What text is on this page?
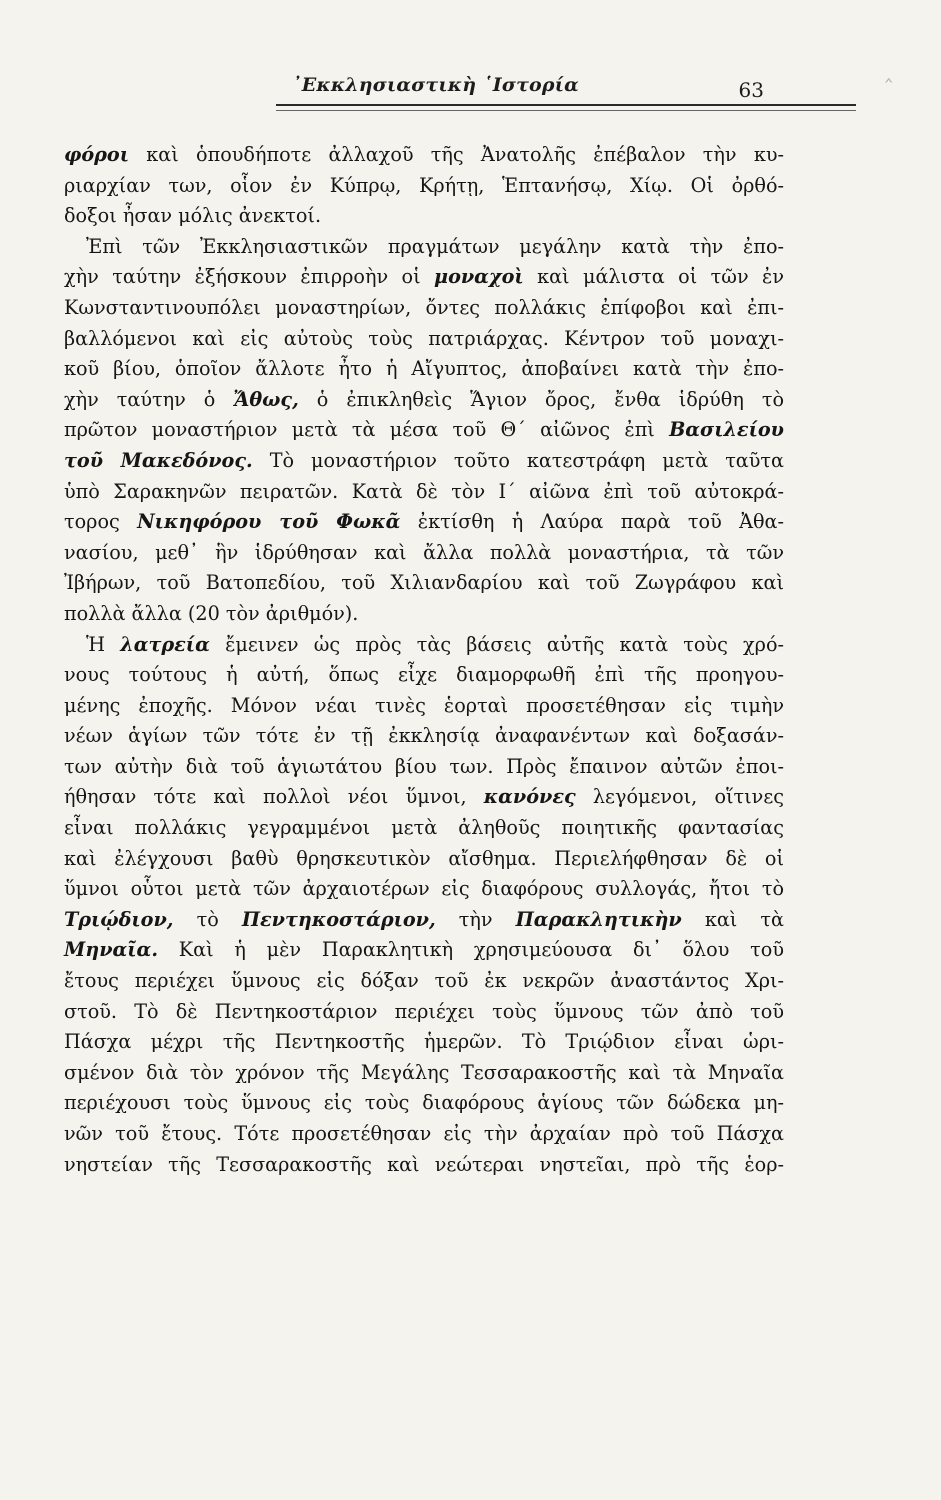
᾽Εκκλησιαστικὴ ῾Ιστορία	63
φόροι καὶ ὁπουδήποτε ἀλλαχοῦ τῆς Ἀνατολῆς ἐπέβαλον τὴν κυ-
ριαρχίαν των, οἷον ἐν Κύπρῳ, Κρήτῃ, Ἑπτανήσῳ, Χίῳ. Οἱ ὀρθό-
δοξοι ἦσαν μόλις ἀνεκτοί.
Ἐπὶ τῶν Ἐκκλησιαστικῶν πραγμάτων μεγάλην κατὰ τὴν ἐπο-
χὴν ταύτην ἐξήσκουν ἐπιρροὴν οἱ μοναχοὶ καὶ μάλιστα οἱ τῶν ἐν
Κωνσταντινουπόλει μοναστηρίων, ὄντες πολλάκις ἐπίφοβοι καὶ ἐπι-
βαλλόμενοι καὶ εἰς αὐτοὺς τοὺς πατριάρχας. Κέντρον τοῦ μοναχι-
κοῦ βίου, ὁποῖον ἄλλοτε ἦτο ἡ Αἴγυπτος, ἀποβαίνει κατὰ τὴν ἐπο-
χὴν ταύτην ὁ Ἄθως, ὁ ἐπικληθεὶς Ἅγιον ὄρος, ἔνθα ἱδρύθη τὸ
πρῶτον μοναστήριον μετὰ τὰ μέσα τοῦ Θ΄ αἰῶνος ἐπὶ Βασιλείου
τοῦ Μακεδόνος. Τὸ μοναστήριον τοῦτο κατεστράφη μετὰ ταῦτα
ὑπὸ Σαρακηνῶν πειρατῶν. Κατὰ δὲ τὸν Ι΄ αἰῶνα ἐπὶ τοῦ αὐτοκρά-
τορος Νικηφόρου τοῦ Φωκᾶ ἐκτίσθη ἡ Λαύρα παρὰ τοῦ Ἀθα-
νασίου, μεθ᾽ ἣν ἱδρύθησαν καὶ ἄλλα πολλὰ μοναστήρια, τὰ τῶν
Ἰβήρων, τοῦ Βατοπεδίου, τοῦ Χιλιανδαρίου καὶ τοῦ Ζωγράφου καὶ
πολλὰ ἄλλα (20 τὸν ἀριθμόν).
Ἡ λατρεία ἔμεινεν ὡς πρὸς τὰς βάσεις αὐτῆς κατὰ τοὺς χρό-
νους τούτους ἡ αὐτή, ὅπως εἶχε διαμορφωθῆ ἐπὶ τῆς προηγου-
μένης ἐποχῆς. Μόνον νέαι τινὲς ἑορταὶ προσετέθησαν εἰς τιμὴν
νέων ἁγίων τῶν τότε ἐν τῇ ἐκκλησίᾳ ἀναφανέντων καὶ δοξασάν-
των αὐτὴν διὰ τοῦ ἁγιωτάτου βίου των. Πρὸς ἔπαινον αὐτῶν ἐποι-
ήθησαν τότε καὶ πολλοὶ νέοι ὕμνοι, κανόνες λεγόμενοι, οἵτινες
εἶναι πολλάκις γεγραμμένοι μετὰ ἀληθοῦς ποιητικῆς φαντασίας
καὶ ἐλέγχουσι βαθὺ θρησκευτικὸν αἴσθημα. Περιελήφθησαν δὲ οἱ
ὕμνοι οὗτοι μετὰ τῶν ἀρχαιοτέρων εἰς διαφόρους συλλογάς, ἤτοι τὸ
Τριῴδιον, τὸ Πεντηκοστάριον, τὴν Παρακλητικὴν καὶ τὰ
Μηναῖα. Καὶ ἡ μὲν Παρακλητικὴ χρησιμεύουσα δι᾽ ὅλου τοῦ
ἔτους περιέχει ὕμνους εἰς δόξαν τοῦ ἐκ νεκρῶν ἀναστάντος Χρι-
στοῦ. Τὸ δὲ Πεντηκοστάριον περιέχει τοὺς ὕμνους τῶν ἀπὸ τοῦ
Πάσχα μέχρι τῆς Πεντηκοστῆς ἡμερῶν. Τὸ Τριῴδιον εἶναι ὡρι-
σμένον διὰ τὸν χρόνον τῆς Μεγάλης Τεσσαρακοστῆς καὶ τὰ Μηναῖα
περιέχουσι τοὺς ὕμνους εἰς τοὺς διαφόρους ἁγίους τῶν δώδεκα μη-
νῶν τοῦ ἔτους. Τότε προσετέθησαν εἰς τὴν ἀρχαίαν πρὸ τοῦ Πάσχα
νηστείαν τῆς Τεσσαρακοστῆς καὶ νεώτεραι νηστεῖαι, πρὸ τῆς ἑορ-
‸
